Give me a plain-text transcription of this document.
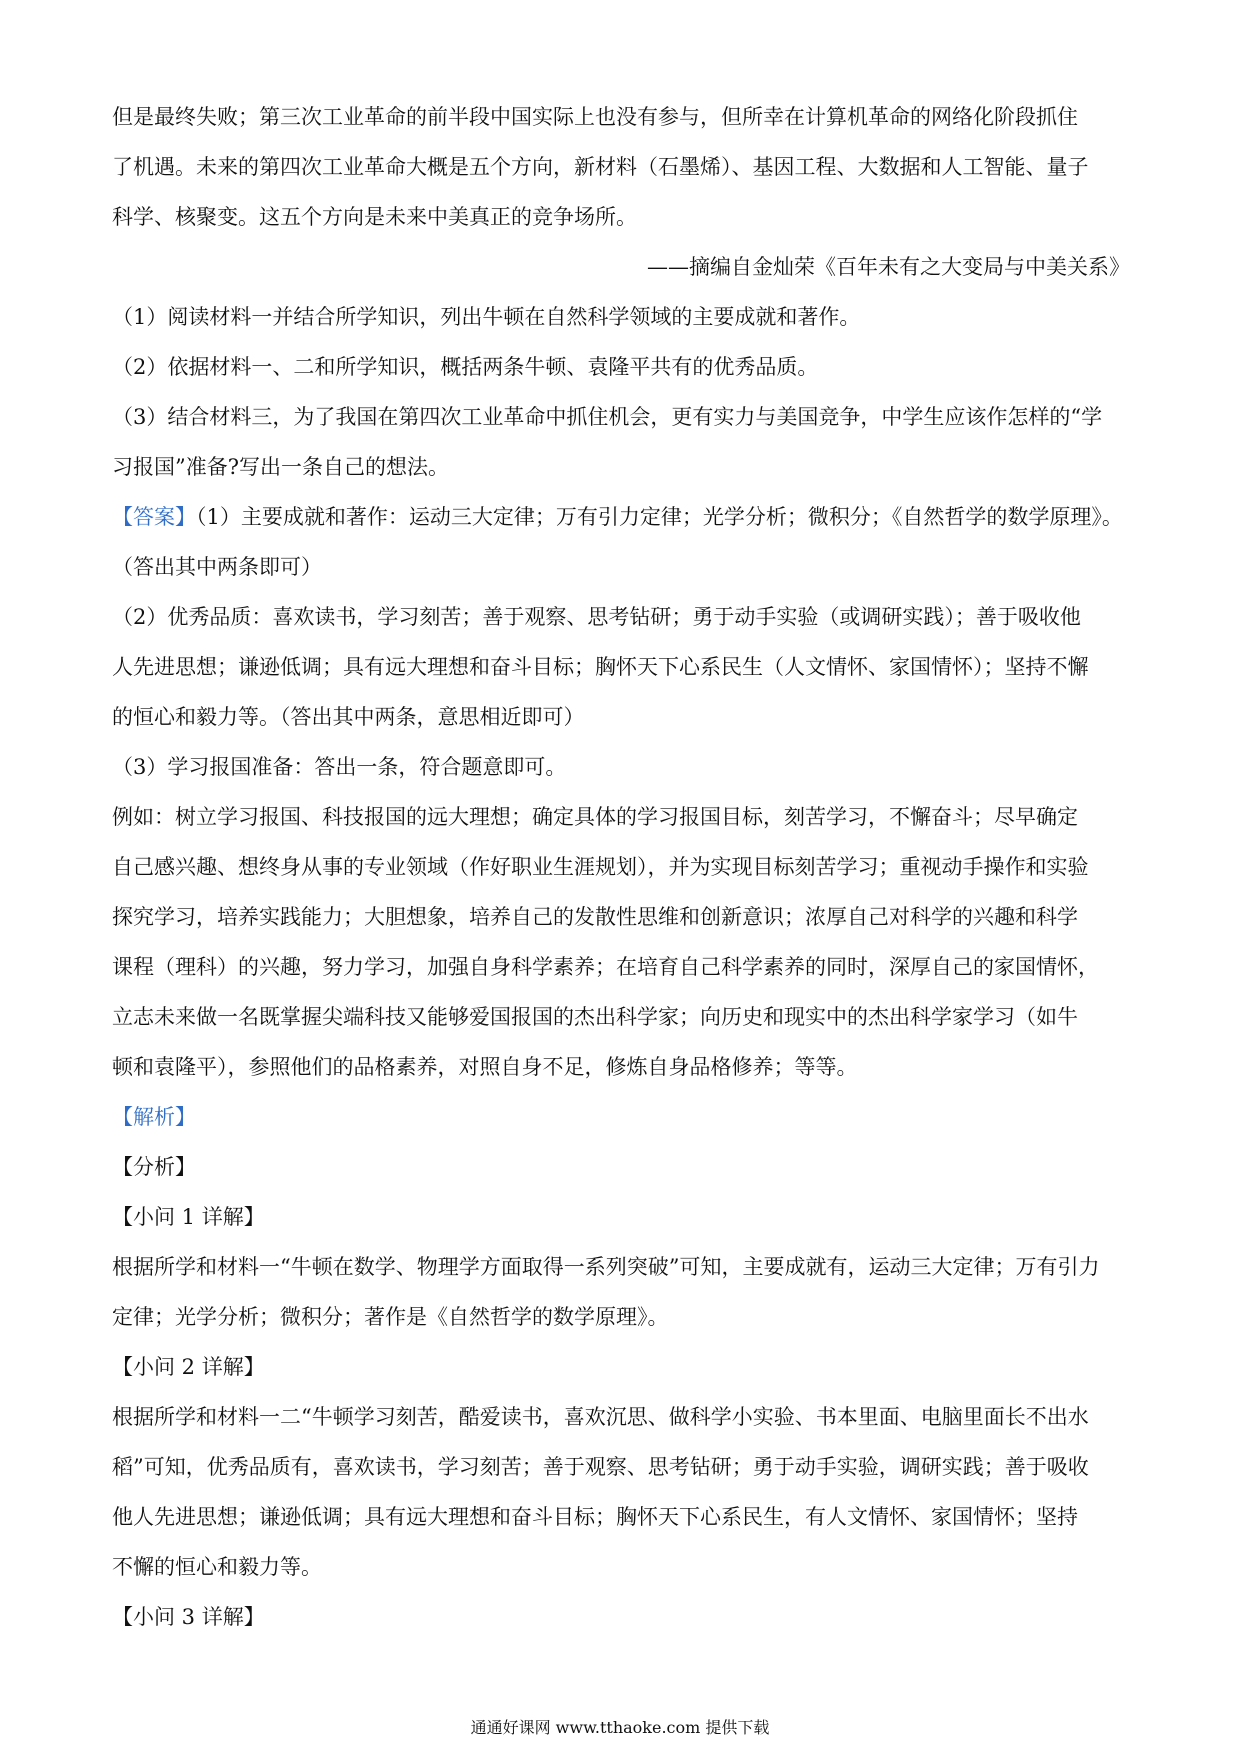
但是最终失败；第三次工业革命的前半段中国实际上也没有参与，但所幸在计算机革命的网络化阶段抓住

了机遇。未来的第四次工业革命大概是五个方向，新材料（石墨烯）、基因工程、大数据和人工智能、量子

科学、核聚变。这五个方向是未来中美真正的竞争场所。

——摘编自金灿荣《百年未有之大变局与中美关系》

（1）阅读材料一并结合所学知识，列出牛顿在自然科学领域的主要成就和著作。

（2）依据材料一、二和所学知识，概括两条牛顿、袁隆平共有的优秀品质。

（3）结合材料三，为了我国在第四次工业革命中抓住机会，更有实力与美国竞争，中学生应该作怎样的“学

习报国”准备?写出一条自己的想法。

【答案】（1）主要成就和著作：运动三大定律；万有引力定律；光学分析；微积分；《自然哲学的数学原理》。

（答出其中两条即可）

（2）优秀品质：喜欢读书，学习刻苦；善于观察、思考钻研；勇于动手实验（或调研实践）；善于吸收他

人先进思想；谦逊低调；具有远大理想和奋斗目标；胸怀天下心系民生（人文情怀、家国情怀）；坚持不懈

的恒心和毅力等。（答出其中两条，意思相近即可）

（3）学习报国准备：答出一条，符合题意即可。

例如：树立学习报国、科技报国的远大理想；确定具体的学习报国目标，刻苦学习，不懈奋斗；尽早确定

自己感兴趣、想终身从事的专业领域（作好职业生涯规划），并为实现目标刻苦学习；重视动手操作和实验

探究学习，培养实践能力；大胆想象，培养自己的发散性思维和创新意识；浓厚自己对科学的兴趣和科学

课程（理科）的兴趣，努力学习，加强自身科学素养；在培育自己科学素养的同时，深厚自己的家国情怀，

立志未来做一名既掌握尖端科技又能够爱国报国的杰出科学家；向历史和现实中的杰出科学家学习（如牛

顿和袁隆平），参照他们的品格素养，对照自身不足，修炼自身品格修养；等等。

【解析】

【分析】

【小问 1 详解】

根据所学和材料一“牛顿在数学、物理学方面取得一系列突破”可知，主要成就有，运动三大定律；万有引力

定律；光学分析；微积分；著作是《自然哲学的数学原理》。

【小问 2 详解】

根据所学和材料一二“牛顿学习刻苦，酷爱读书，喜欢沉思、做科学小实验、书本里面、电脑里面长不出水

稻”可知，优秀品质有，喜欢读书，学习刻苦；善于观察、思考钻研；勇于动手实验，调研实践；善于吸收

他人先进思想；谦逊低调；具有远大理想和奋斗目标；胸怀天下心系民生，有人文情怀、家国情怀；坚持

不懈的恒心和毅力等。

【小问 3 详解】

通通好课网 www.tthaoke.com 提供下载
